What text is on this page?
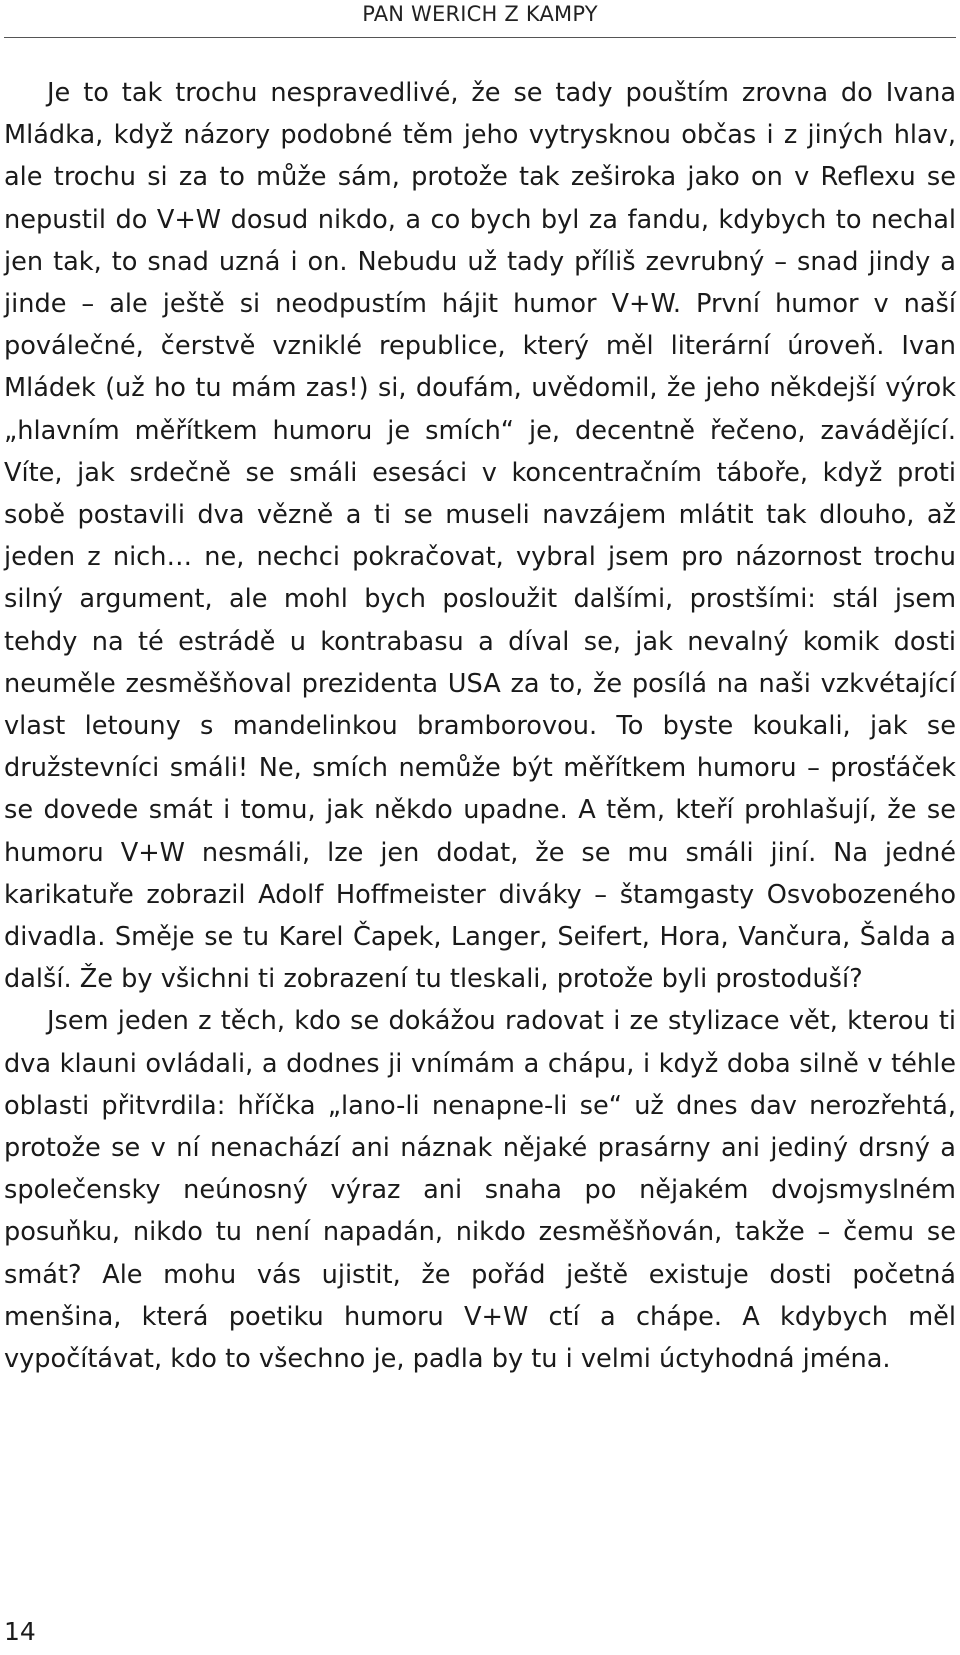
PAN WERICH Z KAMPY

Je to tak trochu nespravedlivé, že se tady pouštím zrovna do Ivana Mládka, když názory podobné těm jeho vytrysknou občas i z jiných hlav, ale trochu si za to může sám, protože tak zeširoka jako on v Reflexu se nepustil do V+W dosud nikdo, a co bych byl za fandu, kdybych to nechal jen tak, to snad uzná i on. Nebudu už tady příliš zevrubný – snad jindy a jinde – ale ještě si neodpustím hájit humor V+W. První humor v naší poválečné, čerstvě vzniklé republice, který měl literární úroveň. Ivan Mládek (už ho tu mám zas!) si, doufám, uvědomil, že jeho někdejší výrok „hlavním měřítkem humoru je smích“ je, decentně řečeno, zavádějící. Víte, jak srdečně se smáli esesáci v koncentračním táboře, když proti sobě postavili dva vězně a ti se museli navzájem mlátit tak dlouho, až jeden z nich… ne, nechci pokračovat, vybral jsem pro názornost trochu silný argument, ale mohl bych posloužit dalšími, prostšími: stál jsem tehdy na té estrádě u kontrabasu a díval se, jak nevalný komik dosti neuměle zesměšňoval prezidenta USA za to, že posílá na naši vzkvétající vlast letouny s mandelinkou bramborovou. To byste koukali, jak se družstevníci smáli! Ne, smích nemůže být měřítkem humoru – prosťáček se dovede smát i tomu, jak někdo upadne. A těm, kteří prohlašují, že se humoru V+W nesmáli, lze jen dodat, že se mu smáli jiní. Na jedné karikatuře zobrazil Adolf Hoffmeister diváky – štamgasty Osvobozeného divadla. Směje se tu Karel Čapek, Langer, Seifert, Hora, Vančura, Šalda a další. Že by všichni ti zobrazení tu tleskali, protože byli prostoduší?

Jsem jeden z těch, kdo se dokážou radovat i ze stylizace vět, kterou ti dva klauni ovládali, a dodnes ji vnímám a chápu, i když doba silně v téhle oblasti přitvrdila: hříčka „lano-li nenapne-li se“ už dnes dav nerozřehtá, protože se v ní nenachází ani náznak nějaké prasárny ani jediný drsný a společensky neúnosný výraz ani snaha po nějakém dvojsmyslném posuňku, nikdo tu není napadán, nikdo zesměšňován, takže – čemu se smát? Ale mohu vás ujistit, že pořád ještě existuje dosti početná menšina, která poetiku humoru V+W ctí a chápe. A kdybych měl vypočítávat, kdo to všechno je, padla by tu i velmi úctyhodná jména.

14
